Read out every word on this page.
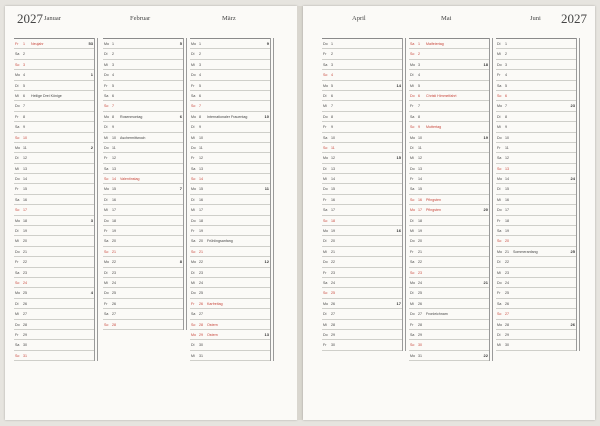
2027	2027
Januar
Fr 1 Neujahr	53
Sa 2
So 3
Mo 4	1
Di 5
Mi 6 Heilige Drei Könige
Do 7
Fr 8
Sa 9
So 10
Mo 11	2
Di 12
Mi 13
Do 14
Fr 15
Sa 16
So 17
Mo 18	3
Di 19
Mi 20
Do 21
Fr 22
Sa 23
So 24
Mo 25	4
Di 26
Mi 27
Do 28
Fr 29
Sa 30
So 31
Februar
Mo 1	5
Di 2
Mi 3
Do 4
Fr 5
Sa 6
So 7
Mo 8 Rosenmontag	6
Di 9
Mi 10 Aschermittwoch
Do 11
Fr 12
Sa 13
So 14 Valentinstag
Mo 15	7
Di 16
Mi 17
Do 18
Fr 19
Sa 20
So 21
Mo 22	8
Di 23
Mi 24
Do 25
Fr 26
Sa 27
So 28
März
Mo 1	9
Di 2
Mi 3
Do 4
Fr 5
Sa 6
So 7
Mo 8 Internationaler Frauentag	10
Di 9
Mi 10
Do 11
Fr 12
Sa 13
So 14
Mo 15	11
Di 16
Mi 17
Do 18
Fr 19
Sa 20 Frühlingsanfang
So 21
Mo 22	12
Di 23
Mi 24
Do 25
Fr 26 Karfreitag
Sa 27
So 28 Ostern
Mo 29 Ostern	13
Di 30
Mi 31
April
Do 1
Fr 2
Sa 3
So 4
Mo 5	14
Di 6
Mi 7
Do 8
Fr 9
Sa 10
So 11
Mo 12	15
Di 13
Mi 14
Do 15
Fr 16
Sa 17
So 18
Mo 19	16
Di 20
Mi 21
Do 22
Fr 23
Sa 24
So 25
Mo 26	17
Di 27
Mi 28
Do 29
Fr 30
Mai
Sa 1 Maifeiertag
So 2
Mo 3	18
Di 4
Mi 5
Do 6 Christi Himmelfahrt
Fr 7
Sa 8
So 9 Muttertag
Mo 10	19
Di 11
Mi 12
Do 13
Fr 14
Sa 15
So 16 Pfingsten
Mo 17 Pfingsten	20
Di 18
Mi 19
Do 20
Fr 21
Sa 22
So 23
Mo 24	21
Di 25
Mi 26
Do 27 Fronleichnam
Fr 28
Sa 29
So 30
Mo 31	22
Juni
Di 1
Mi 2
Do 3
Fr 4
Sa 5
So 6
Mo 7	23
Di 8
Mi 9
Do 10
Fr 11
Sa 12
So 13
Mo 14	24
Di 15
Mi 16
Do 17
Fr 18
Sa 19
So 20
Mo 21 Sommeranfang	25
Di 22
Mi 23
Do 24
Fr 25
Sa 26
So 27
Mo 28	26
Di 29
Mi 30
